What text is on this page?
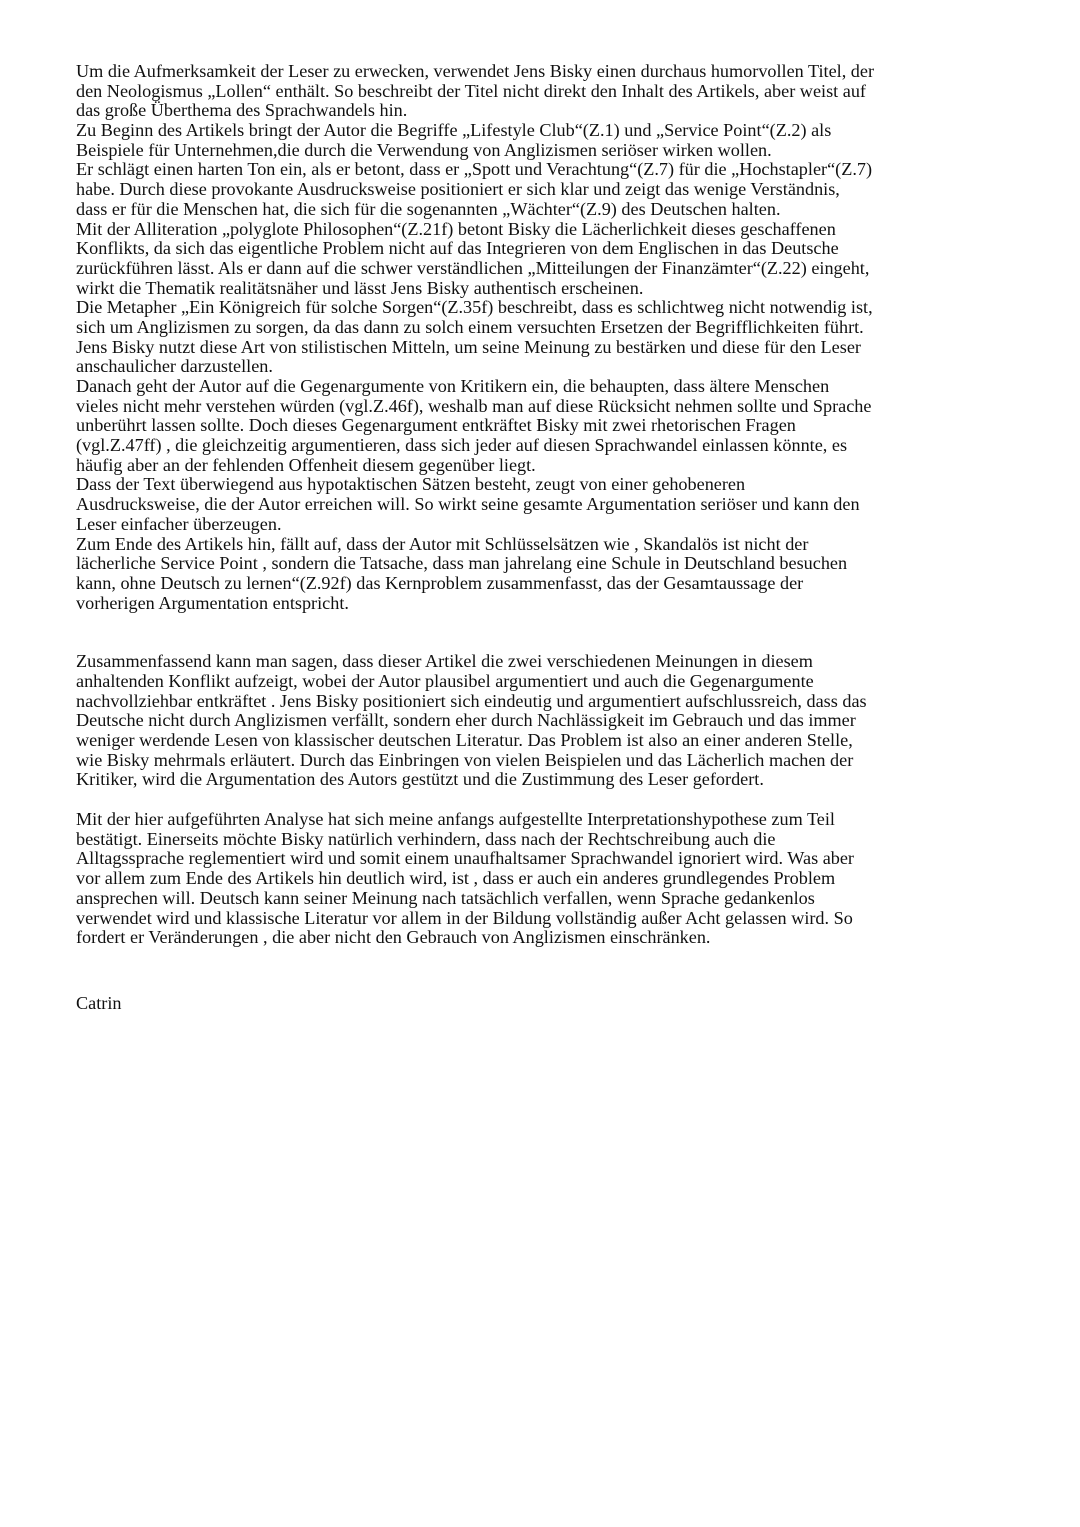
Um die Aufmerksamkeit der Leser zu erwecken, verwendet Jens Bisky einen durchaus humorvollen Titel, der
den Neologismus „Lollen“ enthält. So beschreibt der Titel nicht direkt den Inhalt des Artikels, aber weist auf
das große Überthema des Sprachwandels hin.
Zu Beginn des Artikels bringt der Autor die Begriffe „Lifestyle Club“(Z.1) und „Service Point“(Z.2) als
Beispiele für Unternehmen,die durch die Verwendung von Anglizismen seriöser wirken wollen.
Er schlägt einen harten Ton ein, als er betont, dass er „Spott und Verachtung“(Z.7) für die „Hochstapler“(Z.7)
habe. Durch diese provokante Ausdrucksweise positioniert er sich klar und zeigt das wenige Verständnis,
dass er für die Menschen hat, die sich für die sogenannten „Wächter“(Z.9) des Deutschen halten.
Mit der Alliteration „polyglote Philosophen“(Z.21f) betont Bisky die Lächerlichkeit dieses geschaffenen
Konflikts, da sich das eigentliche Problem nicht auf das Integrieren von dem Englischen in das Deutsche
zurückführen lässt. Als er dann auf die schwer verständlichen „Mitteilungen der Finanzämter“(Z.22) eingeht,
wirkt die Thematik realitätsnäher und lässt Jens Bisky authentisch erscheinen.
Die Metapher „Ein Königreich für solche Sorgen“(Z.35f) beschreibt, dass es schlichtweg nicht notwendig ist,
sich um Anglizismen zu sorgen, da das dann zu solch einem versuchten Ersetzen der Begrifflichkeiten führt.
Jens Bisky nutzt diese Art von stilistischen Mitteln, um seine Meinung zu bestärken und diese für den Leser
anschaulicher darzustellen.
Danach geht der Autor auf die Gegenargumente von Kritikern ein, die behaupten, dass ältere Menschen
vieles nicht mehr verstehen würden (vgl.Z.46f), weshalb man auf diese Rücksicht nehmen sollte und Sprache
unberührt lassen sollte. Doch dieses Gegenargument entkräftet Bisky mit zwei rhetorischen Fragen
(vgl.Z.47ff) , die gleichzeitig argumentieren, dass sich jeder auf diesen Sprachwandel einlassen könnte, es
häufig aber an der fehlenden Offenheit diesem gegenüber liegt.
Dass der Text überwiegend aus hypotaktischen Sätzen besteht, zeugt von einer gehobeneren
Ausdrucksweise, die der Autor erreichen will. So wirkt seine gesamte Argumentation seriöser und kann den
Leser einfacher überzeugen.
Zum Ende des Artikels hin, fällt auf, dass der Autor mit Schlüsselsätzen wie , Skandalös ist nicht der
lächerliche Service Point , sondern die Tatsache, dass man jahrelang eine Schule in Deutschland besuchen
kann, ohne Deutsch zu lernen“(Z.92f) das Kernproblem zusammenfasst, das der Gesamtaussage der
vorherigen Argumentation entspricht.
Zusammenfassend kann man sagen, dass dieser Artikel die zwei verschiedenen Meinungen in diesem
anhaltenden Konflikt aufzeigt, wobei der Autor plausibel argumentiert und auch die Gegenargumente
nachvollziehbar entkräftet . Jens Bisky positioniert sich eindeutig und argumentiert aufschlussreich, dass das
Deutsche nicht durch Anglizismen verfällt, sondern eher durch Nachlässigkeit im Gebrauch und das immer
weniger werdende Lesen von klassischer deutschen Literatur. Das Problem ist also an einer anderen Stelle,
wie Bisky mehrmals erläutert. Durch das Einbringen von vielen Beispielen und das Lächerlich machen der
Kritiker, wird die Argumentation des Autors gestützt und die Zustimmung des Leser gefordert.
Mit der hier aufgeführten Analyse hat sich meine anfangs aufgestellte Interpretationshypothese zum Teil
bestätigt. Einerseits möchte Bisky natürlich verhindern, dass nach der Rechtschreibung auch die
Alltagssprache reglementiert wird und somit einem unaufhaltsamer Sprachwandel ignoriert wird. Was aber
vor allem zum Ende des Artikels hin deutlich wird, ist , dass er auch ein anderes grundlegendes Problem
ansprechen will. Deutsch kann seiner Meinung nach tatsächlich verfallen, wenn Sprache gedankenlos
verwendet wird und klassische Literatur vor allem in der Bildung vollständig außer Acht gelassen wird. So
fordert er Veränderungen , die aber nicht den Gebrauch von Anglizismen einschränken.
Catrin
